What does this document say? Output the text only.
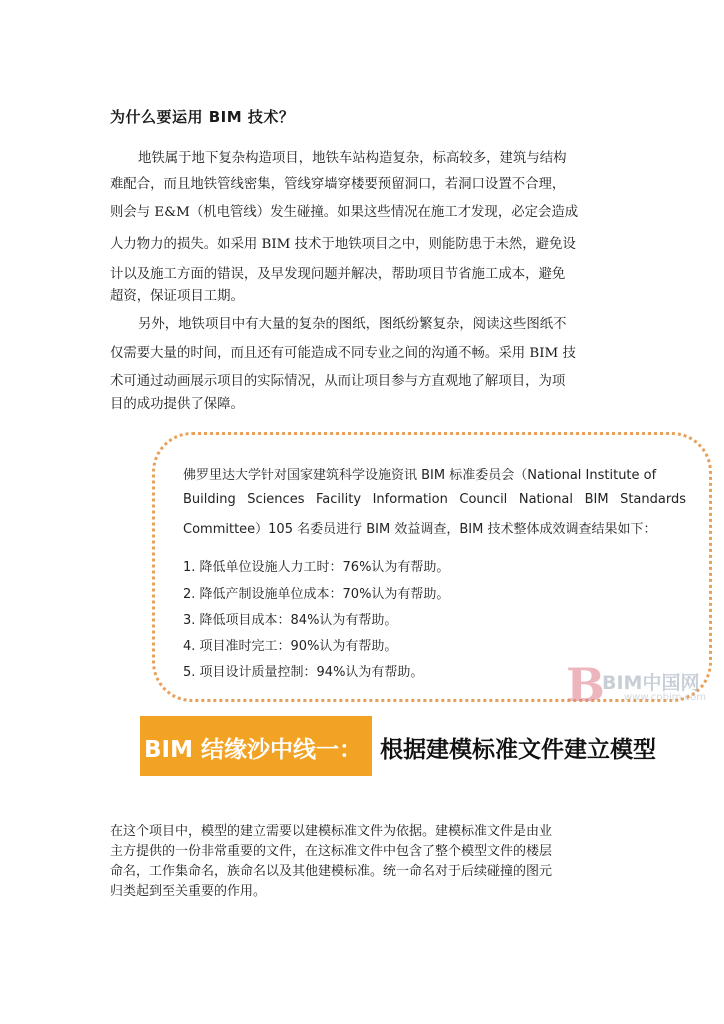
为什么要运用 BIM 技术？
地铁属于地下复杂构造项目，地铁车站构造复杂，标高较多，建筑与结构
难配合，而且地铁管线密集，管线穿墙穿楼要预留洞口，若洞口设置不合理，
则会与 E&M（机电管线）发生碰撞。如果这些情况在施工才发现，必定会造成
人力物力的损失。如采用 BIM 技术于地铁项目之中，则能防患于未然，避免设
计以及施工方面的错误，及早发现问题并解决，帮助项目节省施工成本，避免
超资，保证项目工期。
另外，地铁项目中有大量的复杂的图纸，图纸纷繁复杂，阅读这些图纸不
仅需要大量的时间，而且还有可能造成不同专业之间的沟通不畅。采用 BIM 技
术可通过动画展示项目的实际情况，从而让项目参与方直观地了解项目，为项
目的成功提供了保障。
佛罗里达大学针对国家建筑科学设施资讯 BIM 标准委员会（National Institute of
Building Sciences Facility Information Council National BIM Standards
Committee）105 名委员进行 BIM 效益调查，BIM 技术整体成效调查结果如下：
1. 降低单位设施人力工时：76%认为有帮助。
2. 降低产制设施单位成本：70%认为有帮助。
3. 降低项目成本：84%认为有帮助。
4. 项目准时完工：90%认为有帮助。
5. 项目设计质量控制：94%认为有帮助。	B
BIM中国网
www.cnbim.com
BIM 结缘沙中线一： 根据建模标准文件建立模型
在这个项目中，模型的建立需要以建模标准文件为依据。建模标准文件是由业
主方提供的一份非常重要的文件，在这标准文件中包含了整个模型文件的楼层
命名，工作集命名，族命名以及其他建模标准。统一命名对于后续碰撞的图元
归类起到至关重要的作用。
